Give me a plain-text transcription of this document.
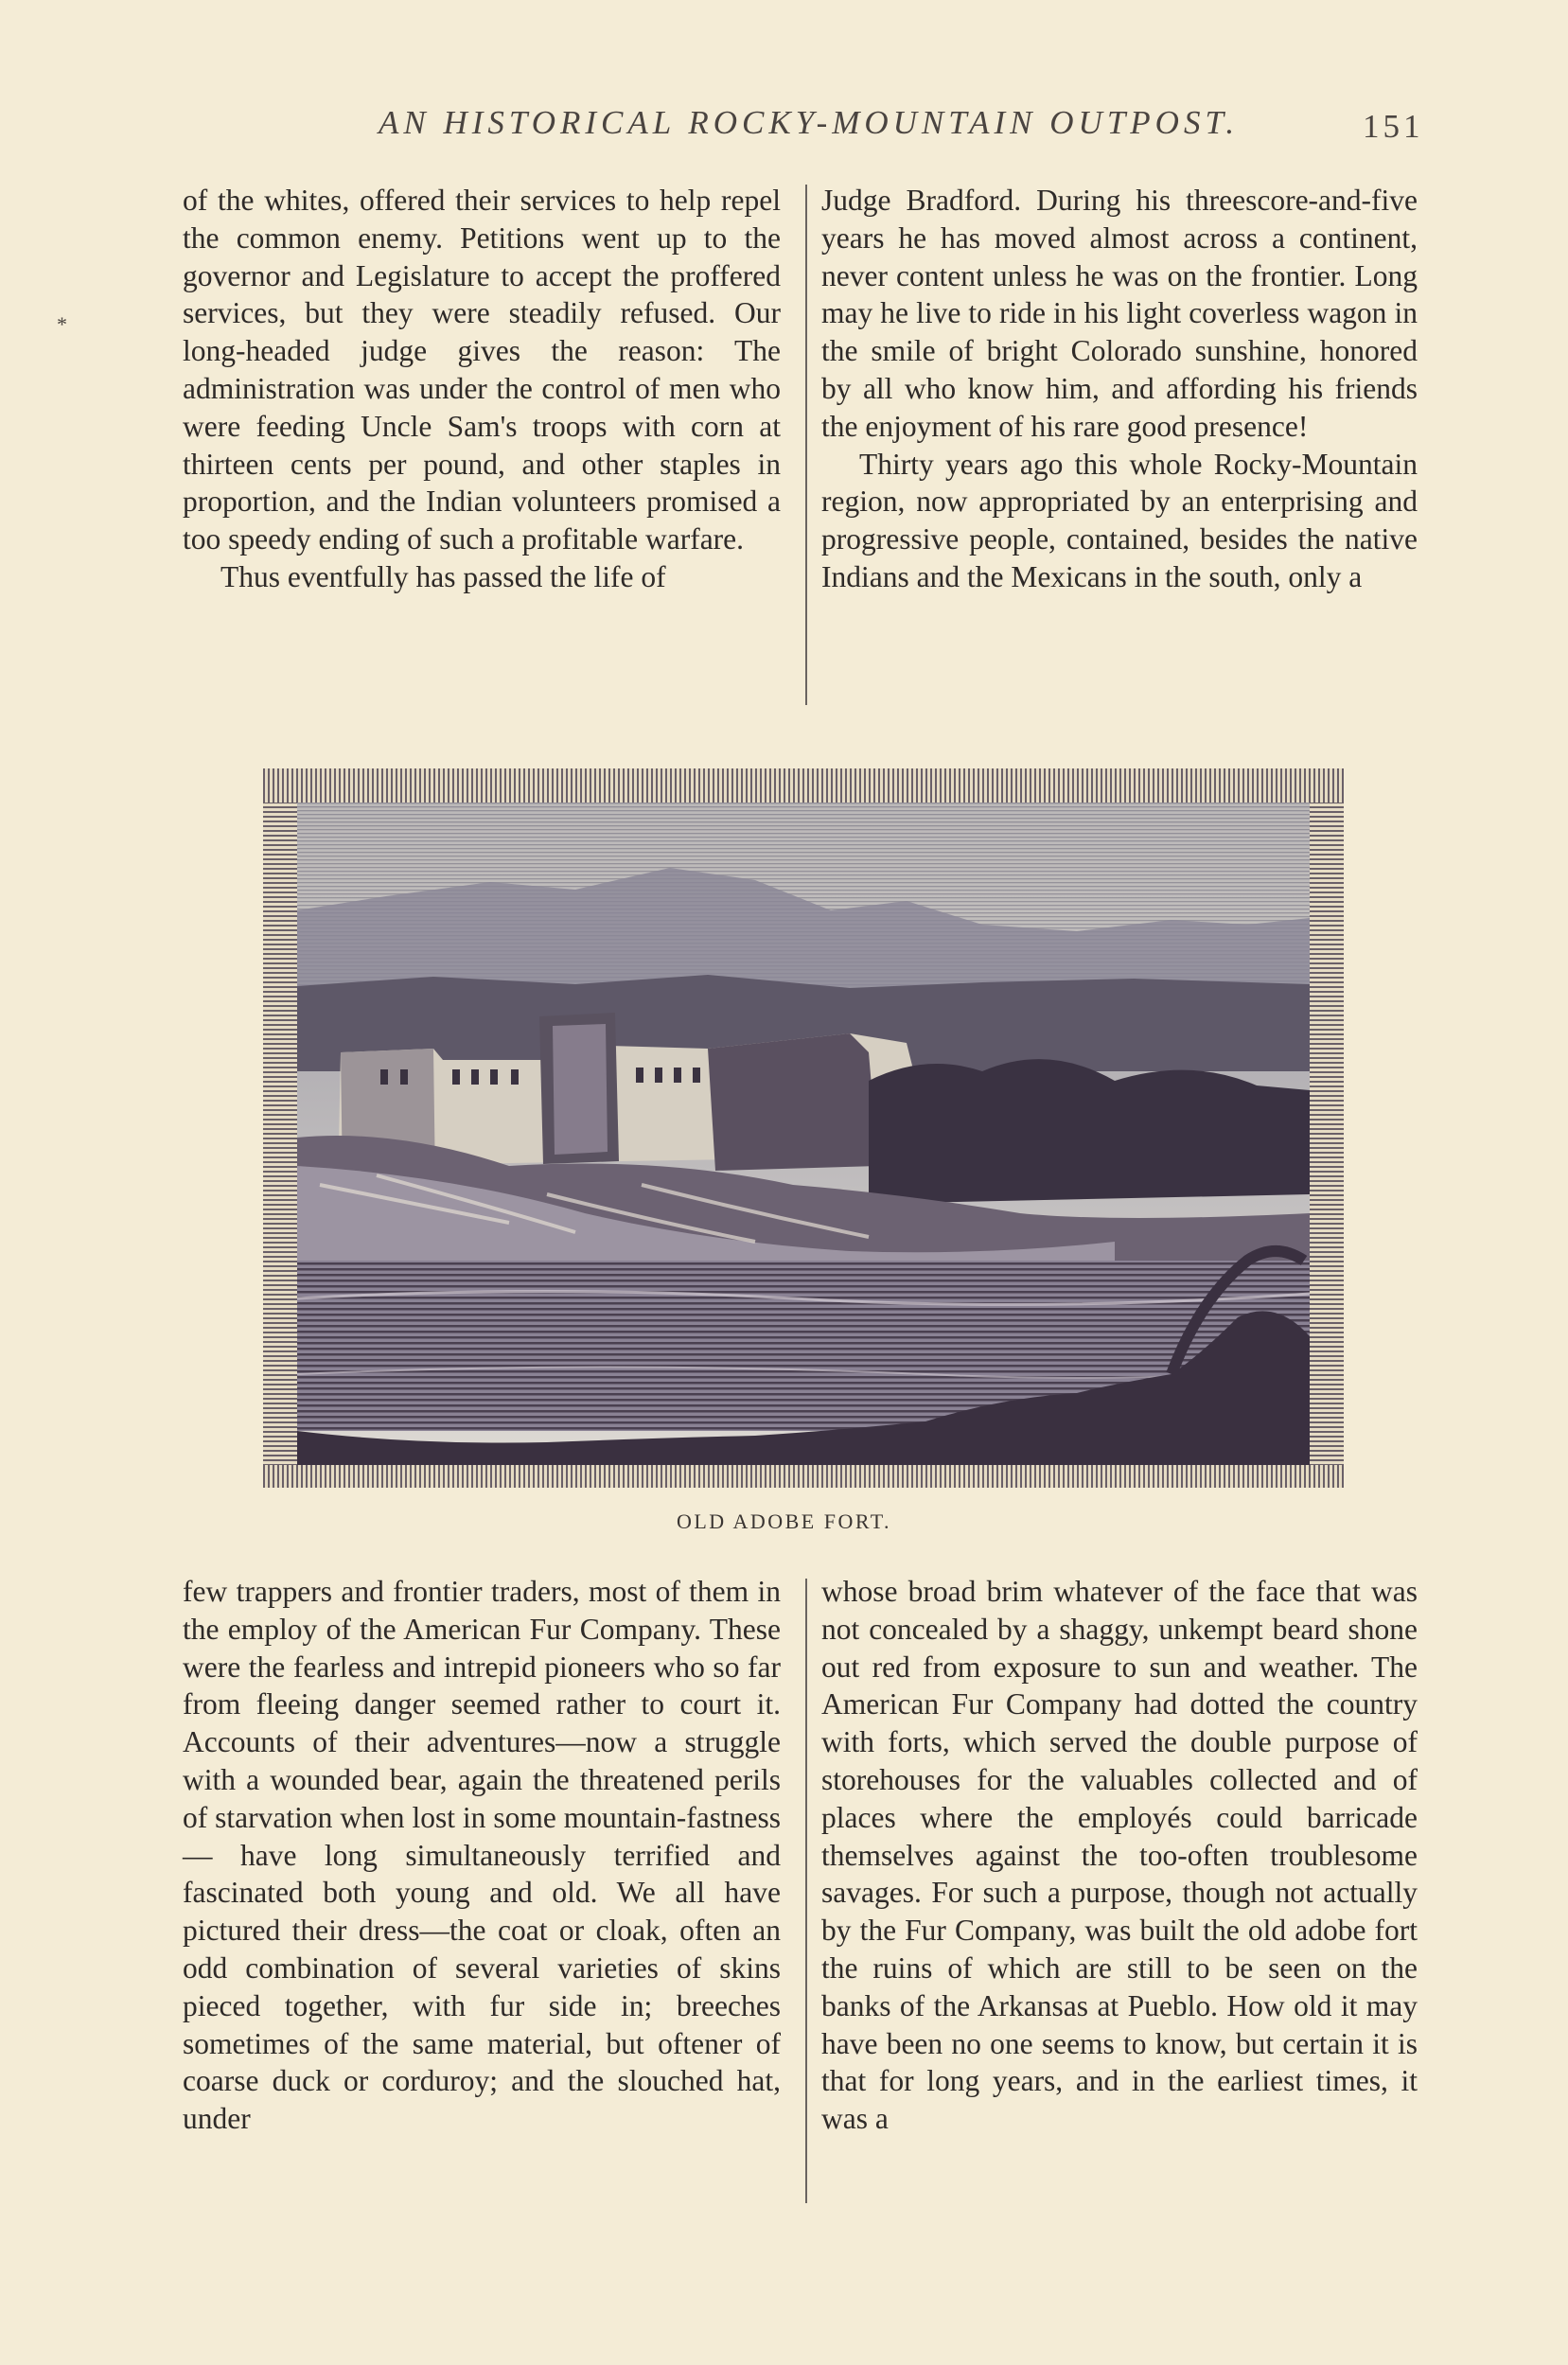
AN HISTORICAL ROCKY-MOUNTAIN OUTPOST.	151
*

of the whites, offered their services to help repel the common enemy. Petitions went up to the governor and Legislature to accept the proffered services, but they were steadily refused. Our long-headed judge gives the reason: The administration was under the control of men who were feeding Uncle Sam's troops with corn at thirteen cents per pound, and other staples in proportion, and the Indian volunteers promised a too speedy ending of such a profitable warfare.

Thus eventfully has passed the life of

Judge Bradford. During his threescore-and-five years he has moved almost across a continent, never content unless he was on the frontier. Long may he live to ride in his light coverless wagon in the smile of bright Colorado sunshine, honored by all who know him, and affording his friends the enjoyment of his rare good presence!

Thirty years ago this whole Rocky-Mountain region, now appropriated by an enterprising and progressive people, contained, besides the native Indians and the Mexicans in the south, only a

OLD ADOBE FORT.

few trappers and frontier traders, most of them in the employ of the American Fur Company. These were the fearless and intrepid pioneers who so far from fleeing danger seemed rather to court it. Accounts of their adventures—now a struggle with a wounded bear, again the threatened perils of starvation when lost in some mountain-fastness — have long simultaneously terrified and fascinated both young and old. We all have pictured their dress—the coat or cloak, often an odd combination of several varieties of skins pieced together, with fur side in; breeches sometimes of the same material, but oftener of coarse duck or corduroy; and the slouched hat, under

whose broad brim whatever of the face that was not concealed by a shaggy, unkempt beard shone out red from exposure to sun and weather. The American Fur Company had dotted the country with forts, which served the double purpose of storehouses for the valuables collected and of places where the employés could barricade themselves against the too-often troublesome savages. For such a purpose, though not actually by the Fur Company, was built the old adobe fort the ruins of which are still to be seen on the banks of the Arkansas at Pueblo. How old it may have been no one seems to know, but certain it is that for long years, and in the earliest times, it was a
